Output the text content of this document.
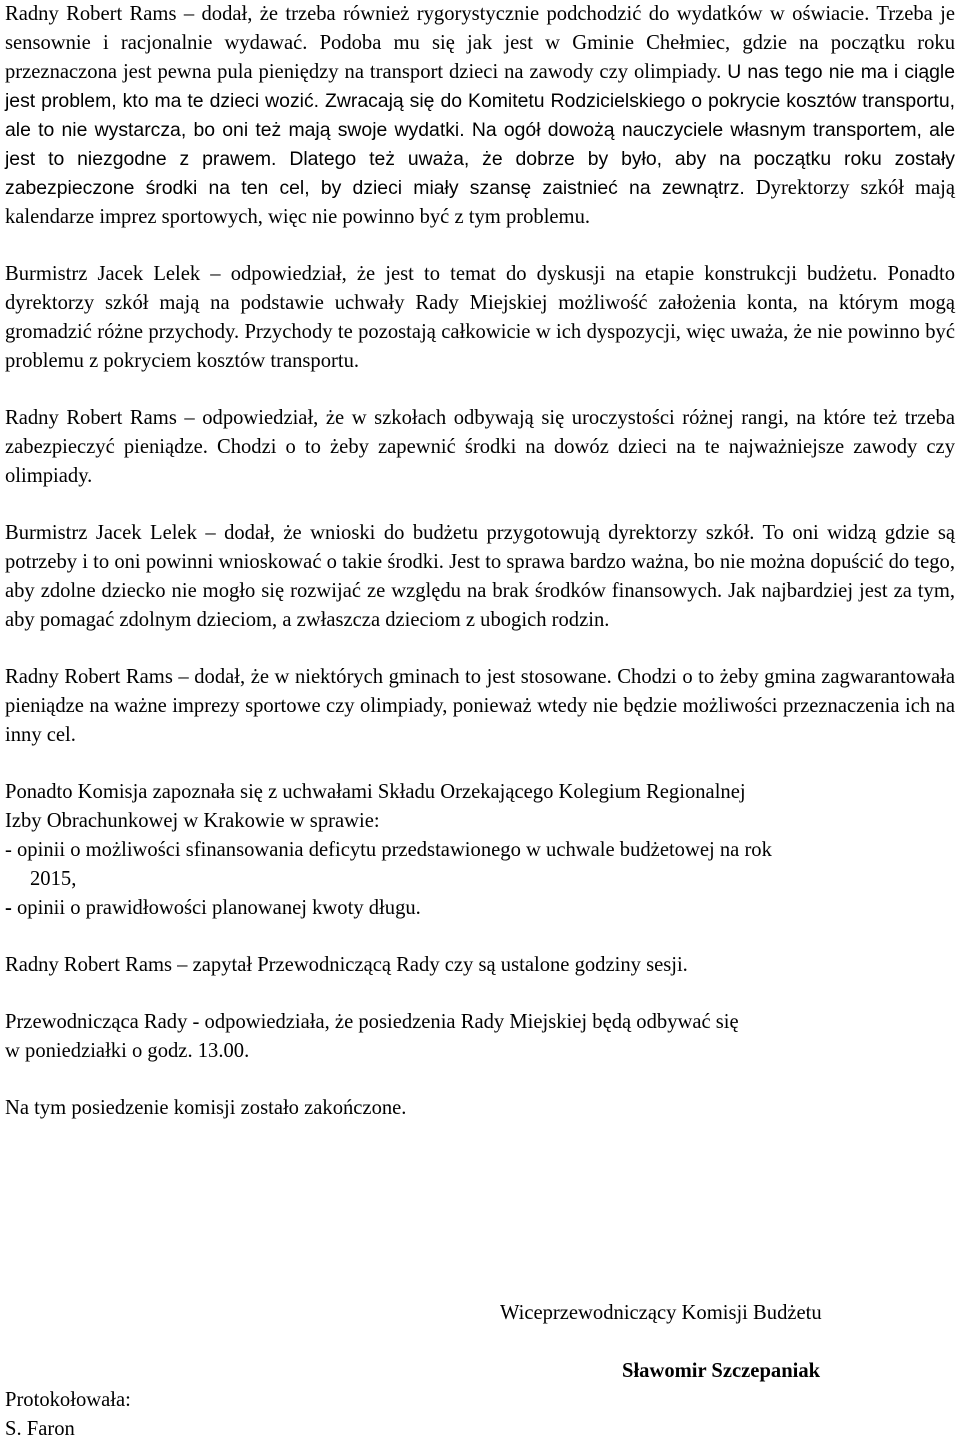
Radny Robert Rams – dodał, że trzeba również rygorystycznie podchodzić do wydatków w oświacie. Trzeba je sensownie i racjonalnie wydawać. Podoba mu się jak jest w Gminie Chełmiec, gdzie na początku roku przeznaczona jest pewna pula pieniędzy na transport dzieci na zawody czy olimpiady. U nas tego nie ma i ciągle jest problem, kto ma te dzieci wozić. Zwracają się do Komitetu Rodzicielskiego o pokrycie kosztów transportu, ale to nie wystarcza, bo oni też mają swoje wydatki. Na ogół dowożą nauczyciele własnym transportem, ale jest to niezgodne z prawem. Dlatego też uważa, że dobrze by było, aby na początku roku zostały zabezpieczone środki na ten cel, by dzieci miały szansę zaistnieć na zewnątrz. Dyrektorzy szkół mają kalendarze imprez sportowych, więc nie powinno być z tym problemu.

Burmistrz Jacek Lelek – odpowiedział, że jest to temat do dyskusji na etapie konstrukcji budżetu. Ponadto dyrektorzy szkół mają na podstawie uchwały Rady Miejskiej możliwość założenia konta, na którym mogą gromadzić różne przychody. Przychody te pozostają całkowicie w ich dyspozycji, więc uważa, że nie powinno być problemu z pokryciem kosztów transportu.

Radny Robert Rams – odpowiedział, że w szkołach odbywają się uroczystości różnej rangi, na które też trzeba zabezpieczyć pieniądze. Chodzi o to żeby zapewnić środki na dowóz dzieci na te najważniejsze zawody czy olimpiady.

Burmistrz Jacek Lelek – dodał, że wnioski do budżetu przygotowują dyrektorzy szkół. To oni widzą gdzie są potrzeby i to oni powinni wnioskować o takie środki. Jest to sprawa bardzo ważna, bo nie można dopuścić do tego, aby zdolne dziecko nie mogło się rozwijać ze względu na brak środków finansowych. Jak najbardziej jest za tym, aby pomagać zdolnym dzieciom, a zwłaszcza dzieciom z ubogich rodzin.

Radny Robert Rams – dodał, że w niektórych gminach to jest stosowane. Chodzi o to żeby gmina zagwarantowała pieniądze na ważne imprezy sportowe czy olimpiady, ponieważ wtedy nie będzie możliwości przeznaczenia ich na inny cel.

Ponadto Komisja zapoznała się z uchwałami Składu Orzekającego Kolegium Regionalnej

Izby Obrachunkowej w Krakowie w sprawie:

- opinii o możliwości sfinansowania deficytu przedstawionego w uchwale budżetowej na rok

2015,

- opinii o prawidłowości planowanej kwoty długu.

Radny Robert Rams – zapytał Przewodniczącą Rady czy są ustalone godziny sesji.

Przewodnicząca Rady - odpowiedziała, że posiedzenia Rady Miejskiej będą odbywać się

w poniedziałki o godz. 13.00.

Na tym posiedzenie komisji zostało zakończone.

Wiceprzewodniczący Komisji Budżetu
Sławomir Szczepaniak
Protokołowała:
S. Faron
